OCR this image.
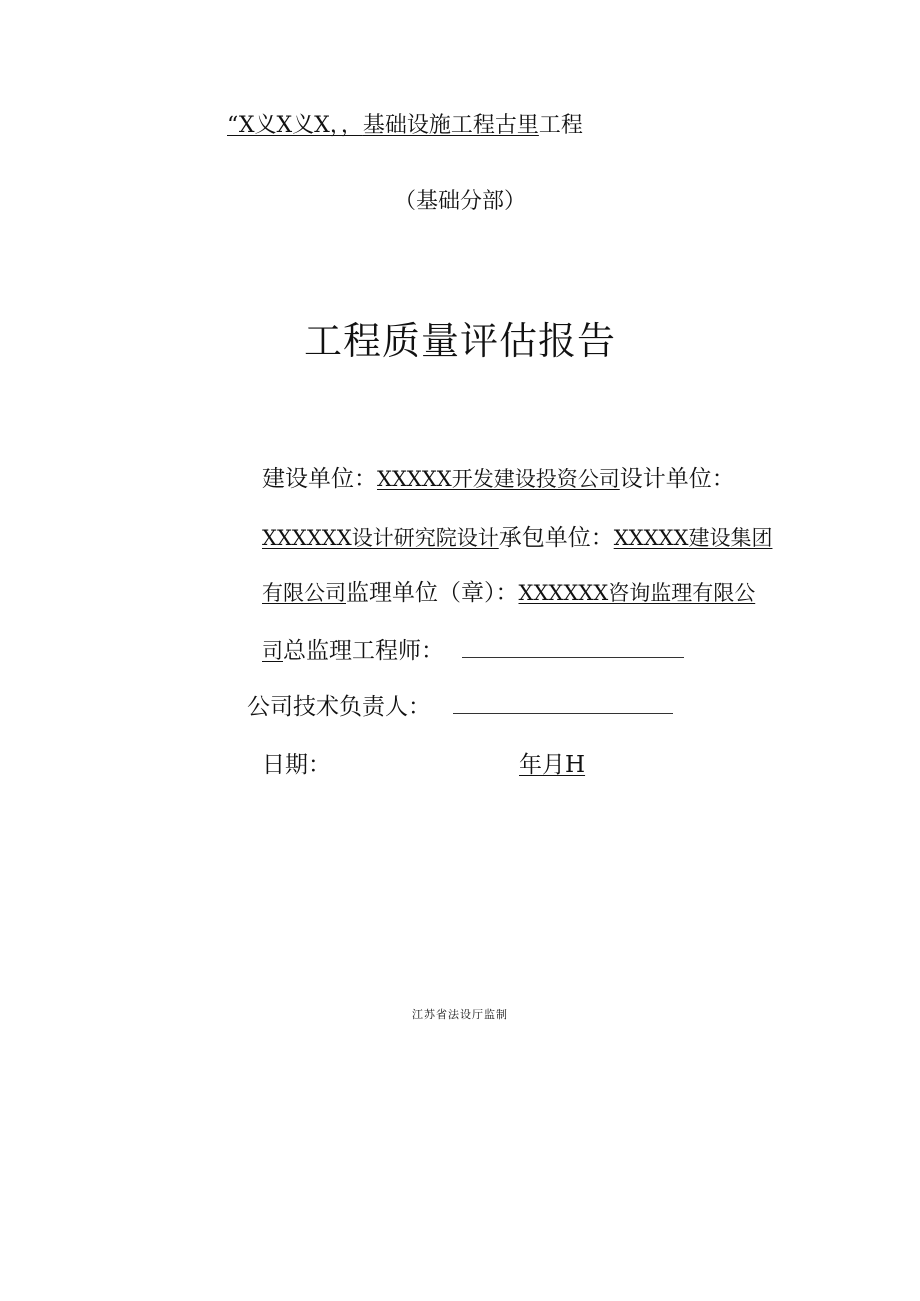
“X义X义X，，基础设施工程古里工程
（基础分部）
工程质量评估报告
建设单位：XXXXX开发建设投资公司设计单位：
XXXXXX设计研究院设计承包单位：XXXXX建设集团
有限公司监理单位（章）：XXXXXX咨询监理有限公
司总监理工程师：
公司技术负责人：
日期：	年月H
江苏省法设厅监制
